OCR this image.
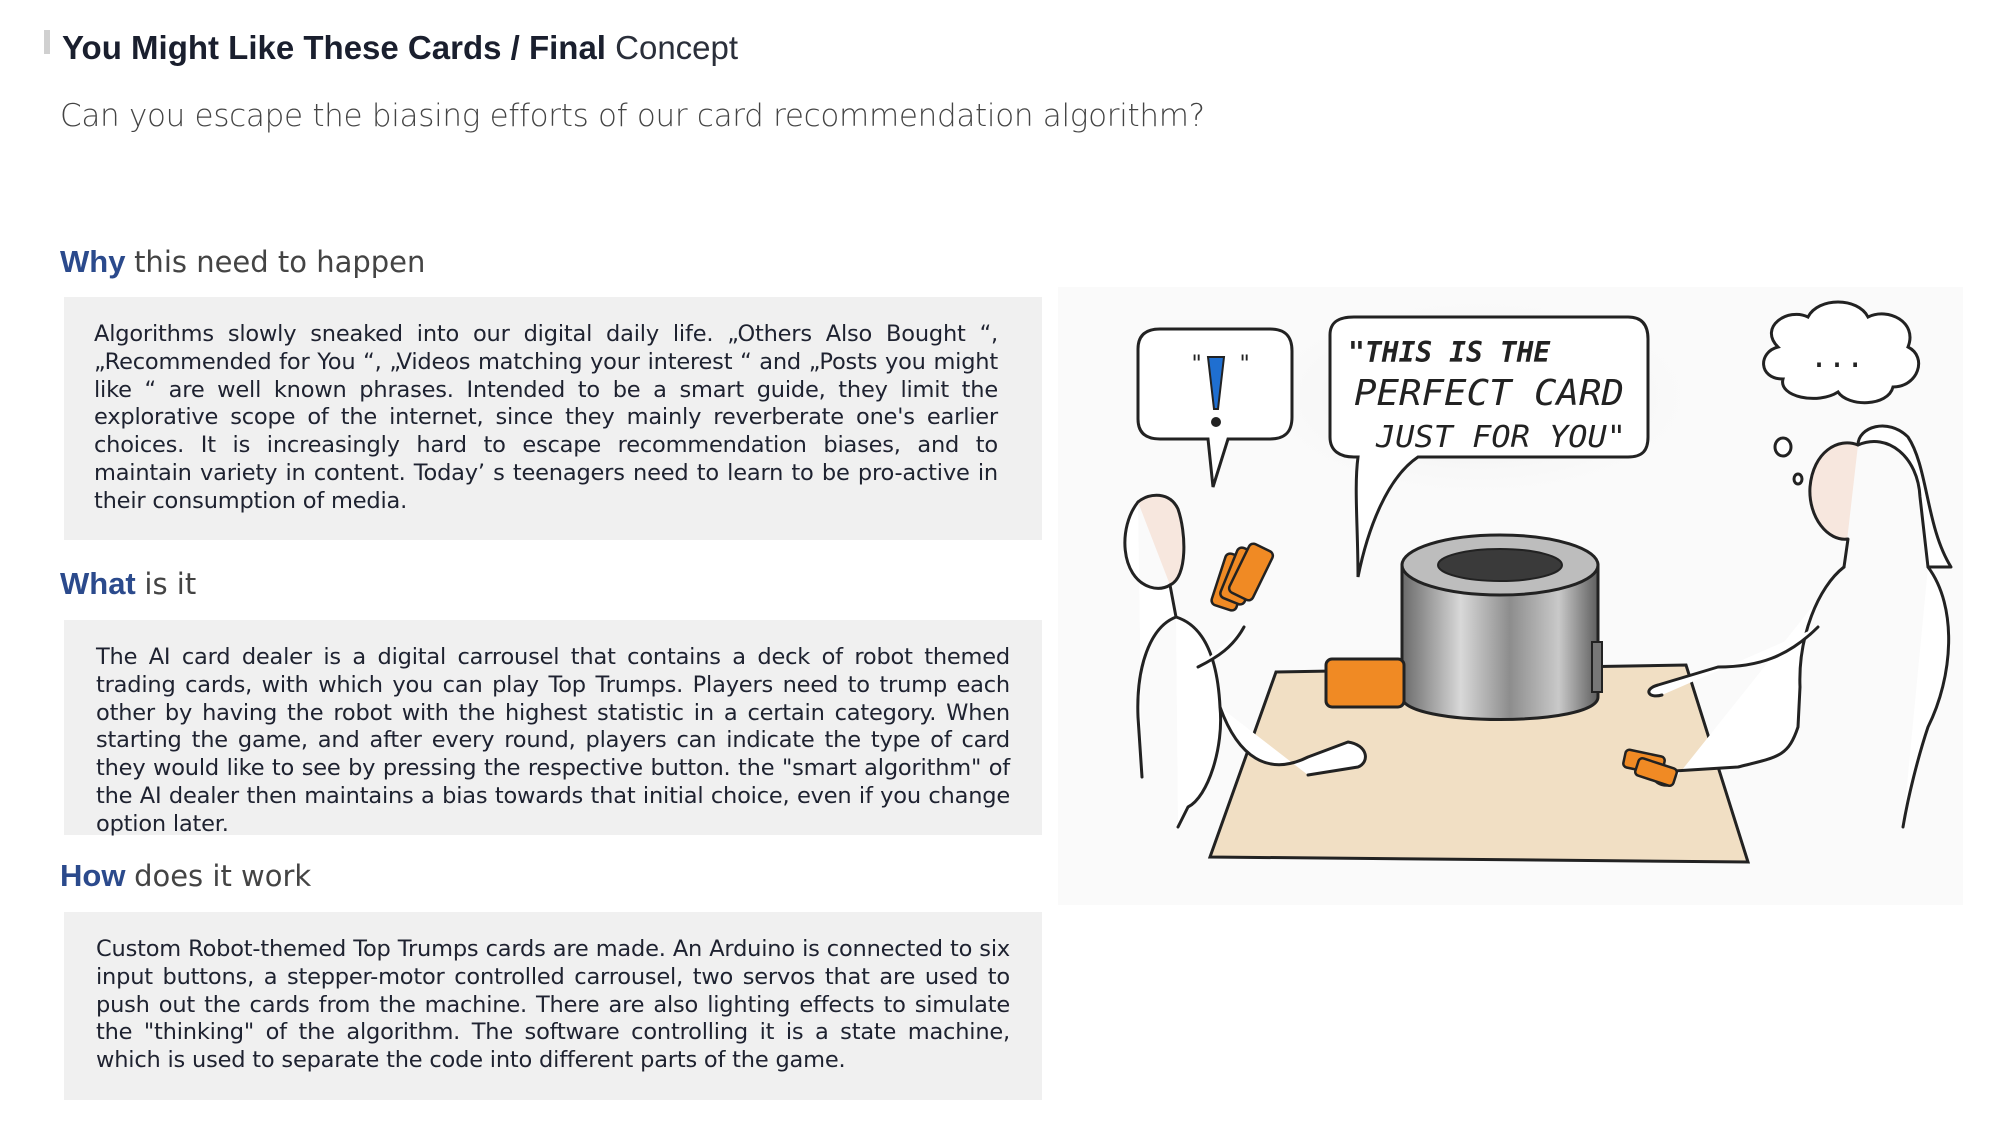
You Might Like These Cards / Final Concept
Can you escape the biasing efforts of our card recommendation algorithm?
Why this need to happen

Algorithms slowly sneaked into our digital daily life. „Others Also Bought “, „Recommended for You “, „Videos matching your interest “ and „Posts you might like “ are well known phrases. Intended to be a smart guide, they limit the explorative scope of the internet, since they mainly reverberate one's earlier choices. It is increasingly hard to escape recommendation biases, and to maintain variety in content. Today’ s teenagers need to learn to be pro-active in their consumption of media.

What is it

The AI card dealer is a digital carrousel that contains a deck of robot themed trading cards, with which you can play Top Trumps. Players need to trump each other by having the robot with the highest statistic in a certain category. When starting the game, and after every round, players can indicate the type of card they would like to see by pressing the respective button. the "smart algorithm" of the AI dealer then maintains a bias towards that initial choice, even if you change option later.

How does it work

Custom Robot-themed Top Trumps cards are made. An Arduino is connected to six input buttons, a stepper-motor controlled carrousel, two servos that are used to push out the cards from the machine. There are also lighting effects to simulate the "thinking" of the algorithm. The software controlling it is a state machine, which is used to separate the code into different parts of the game.

" "	"THIS IS THE
PERFECT CARD
JUST FOR YOU"
...
